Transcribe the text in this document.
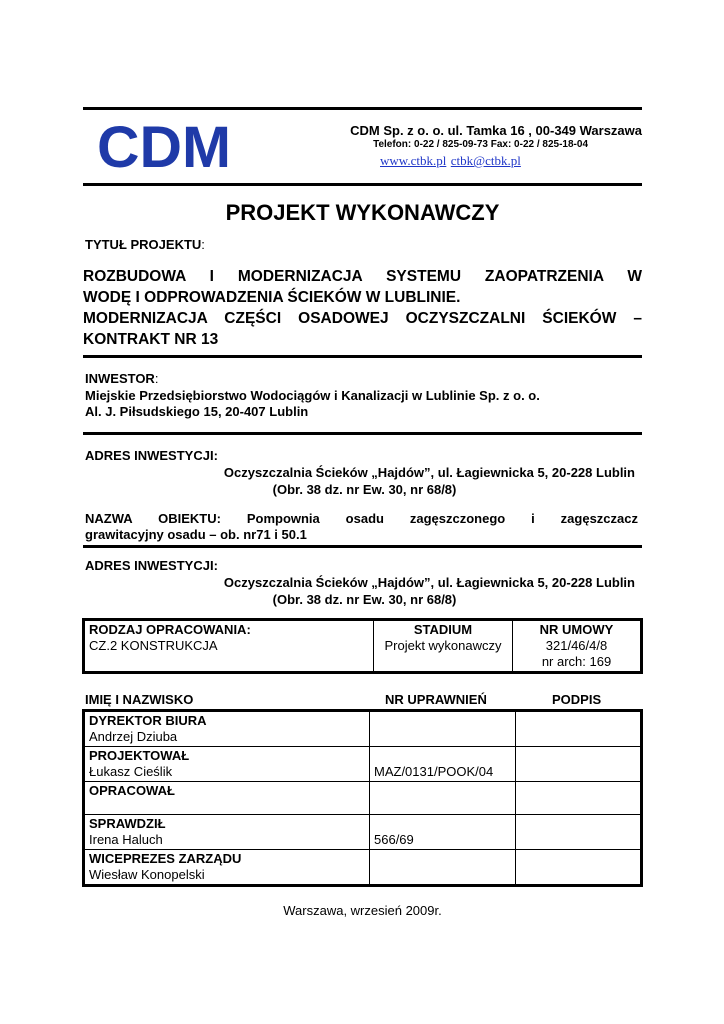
CDM	CDM Sp. z o. o. ul. Tamka 16 , 00-349 Warszawa
Telefon: 0-22 / 825-09-73 Fax: 0-22 / 825-18-04
www.ctbk.pl ctbk@ctbk.pl
PROJEKT WYKONAWCZY
TYTUŁ PROJEKTU:
ROZBUDOWA I MODERNIZACJA SYSTEMU ZAOPATRZENIA W
WODĘ I ODPROWADZENIA ŚCIEKÓW W LUBLINIE.
MODERNIZACJA CZĘŚCI OSADOWEJ OCZYSZCZALNI ŚCIEKÓW –
KONTRAKT NR 13
INWESTOR:
Miejskie Przedsiębiorstwo Wodociągów i Kanalizacji w Lublinie Sp. z o. o.
Al. J. Piłsudskiego 15, 20-407 Lublin
ADRES INWESTYCJI:
Oczyszczalnia Ścieków „Hajdów”, ul. Łagiewnicka 5, 20-228 Lublin
(Obr. 38 dz. nr Ew. 30, nr 68/8)
NAZWA OBIEKTU: Pompownia osadu zagęszczonego i zagęszczacz
grawitacyjny osadu – ob. nr71 i 50.1
ADRES INWESTYCJI:
Oczyszczalnia Ścieków „Hajdów”, ul. Łagiewnicka 5, 20-228 Lublin
(Obr. 38 dz. nr Ew. 30, nr 68/8)
RODZAJ OPRACOWANIA:
CZ.2 KONSTRUKCJA

STADIUM
Projekt wykonawczy

NR UMOWY
321/46/4/8
nr arch: 169
IMIĘ I NAZWISKO	NR UPRAWNIEŃ	PODPIS
DYREKTOR BIURA
Andrzej Dziuba		

PROJEKTOWAŁ
Łukasz Cieślik	MAZ/0131/POOK/04	

OPRACOWAŁ		

SPRAWDZIŁ
Irena Haluch	566/69	

WICEPREZES ZARZĄDU
Wiesław Konopelski		

Warszawa, wrzesień 2009r.
